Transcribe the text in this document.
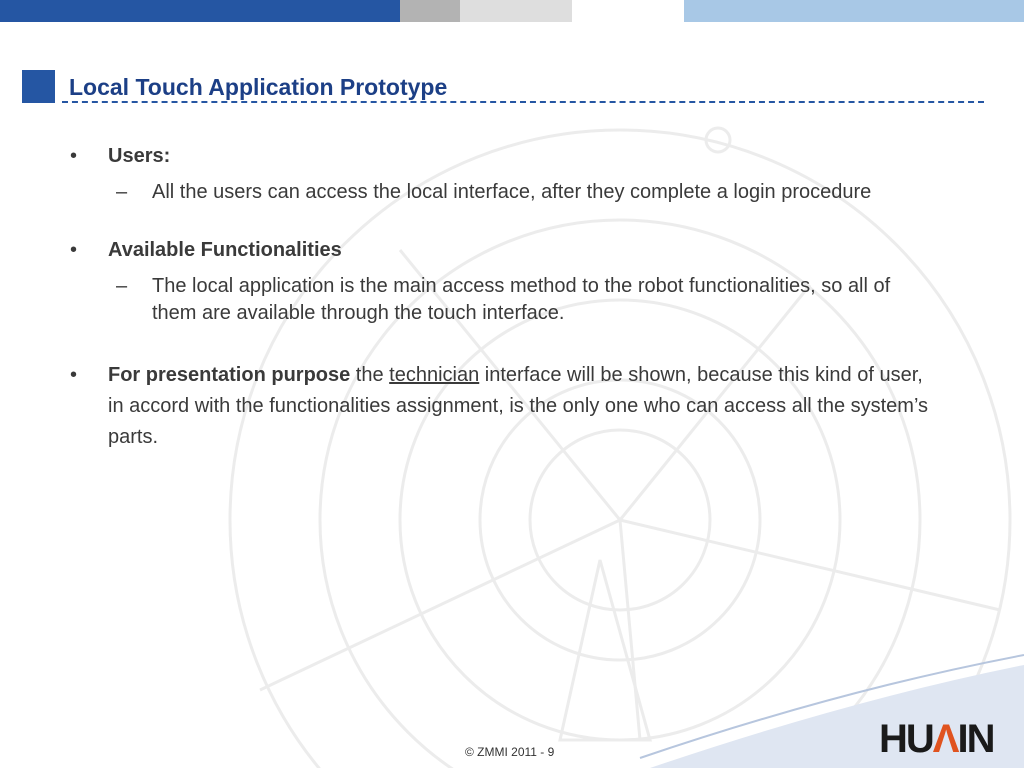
Local Touch Application Prototype
• Users:
– All the users can access the local interface, after they complete a login procedure
• Available Functionalities
– The local application is the main access method to the robot functionalities, so all of them are available through the touch interface.
• For presentation purpose the technician interface will be shown, because this kind of user, in accord with the functionalities assignment, is the only one who can access all the system’s parts.
© ZMMI 2011 - 9	HUΛIN
